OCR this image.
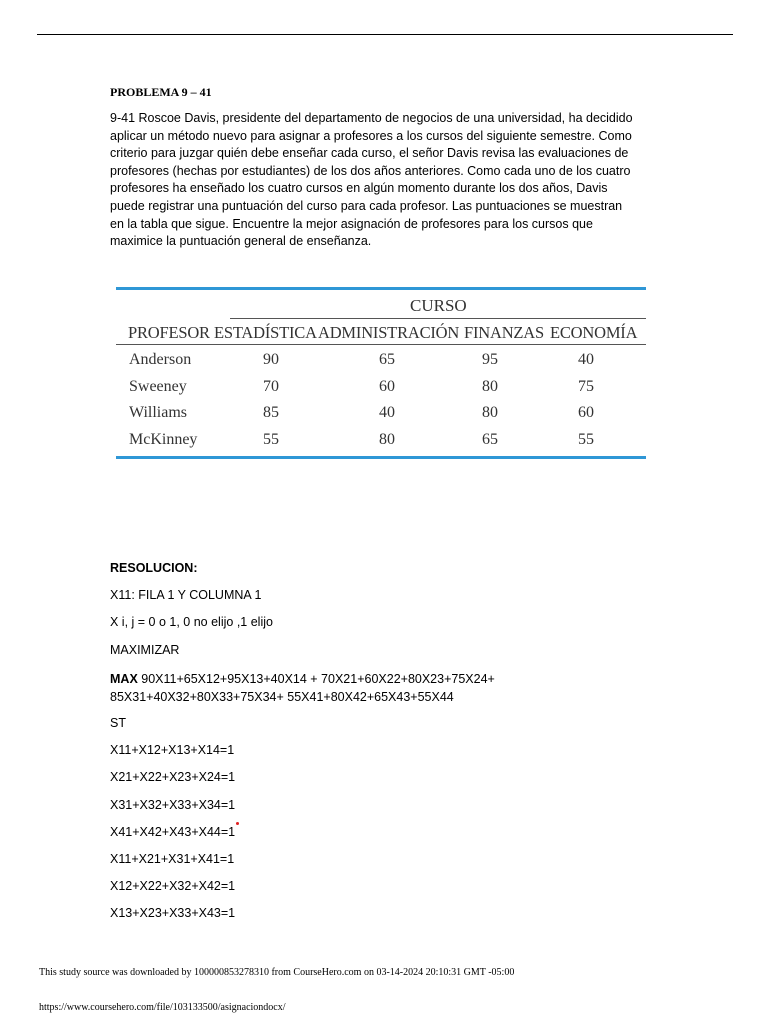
PROBLEMA 9 – 41

9-41 Roscoe Davis, presidente del departamento de negocios de una universidad, ha decidido
aplicar un método nuevo para asignar a profesores a los cursos del siguiente semestre. Como
criterio para juzgar quién debe enseñar cada curso, el señor Davis revisa las evaluaciones de
profesores (hechas por estudiantes) de los dos años anteriores. Como cada uno de los cuatro
profesores ha enseñado los cuatro cursos en algún momento durante los dos años, Davis
puede registrar una puntuación del curso para cada profesor. Las puntuaciones se muestran
en la tabla que sigue. Encuentre la mejor asignación de profesores para los cursos que
maximice la puntuación general de enseñanza.

CURSO
PROFESOR ESTADÍSTICA ADMINISTRACIÓN FINANZAS ECONOMÍA
Anderson	90	65	95	40
Sweeney	70	60	80	75
Williams	85	40	80	60
McKinney	55	80	65	55
RESOLUCION:
X11: FILA 1 Y COLUMNA 1
X i, j = 0 o 1, 0 no elijo ,1 elijo
MAXIMIZAR
MAX 90X11+65X12+95X13+40X14 + 70X21+60X22+80X23+75X24+
85X31+40X32+80X33+75X34+ 55X41+80X42+65X43+55X44
ST
X11+X12+X13+X14=1
X21+X22+X23+X24=1
X31+X32+X33+X34=1
X41+X42+X43+X44=1
X11+X21+X31+X41=1
X12+X22+X32+X42=1
X13+X23+X33+X43=1
This study source was downloaded by 100000853278310 from CourseHero.com on 03-14-2024 20:10:31 GMT -05:00
https://www.coursehero.com/file/103133500/asignaciondocx/
